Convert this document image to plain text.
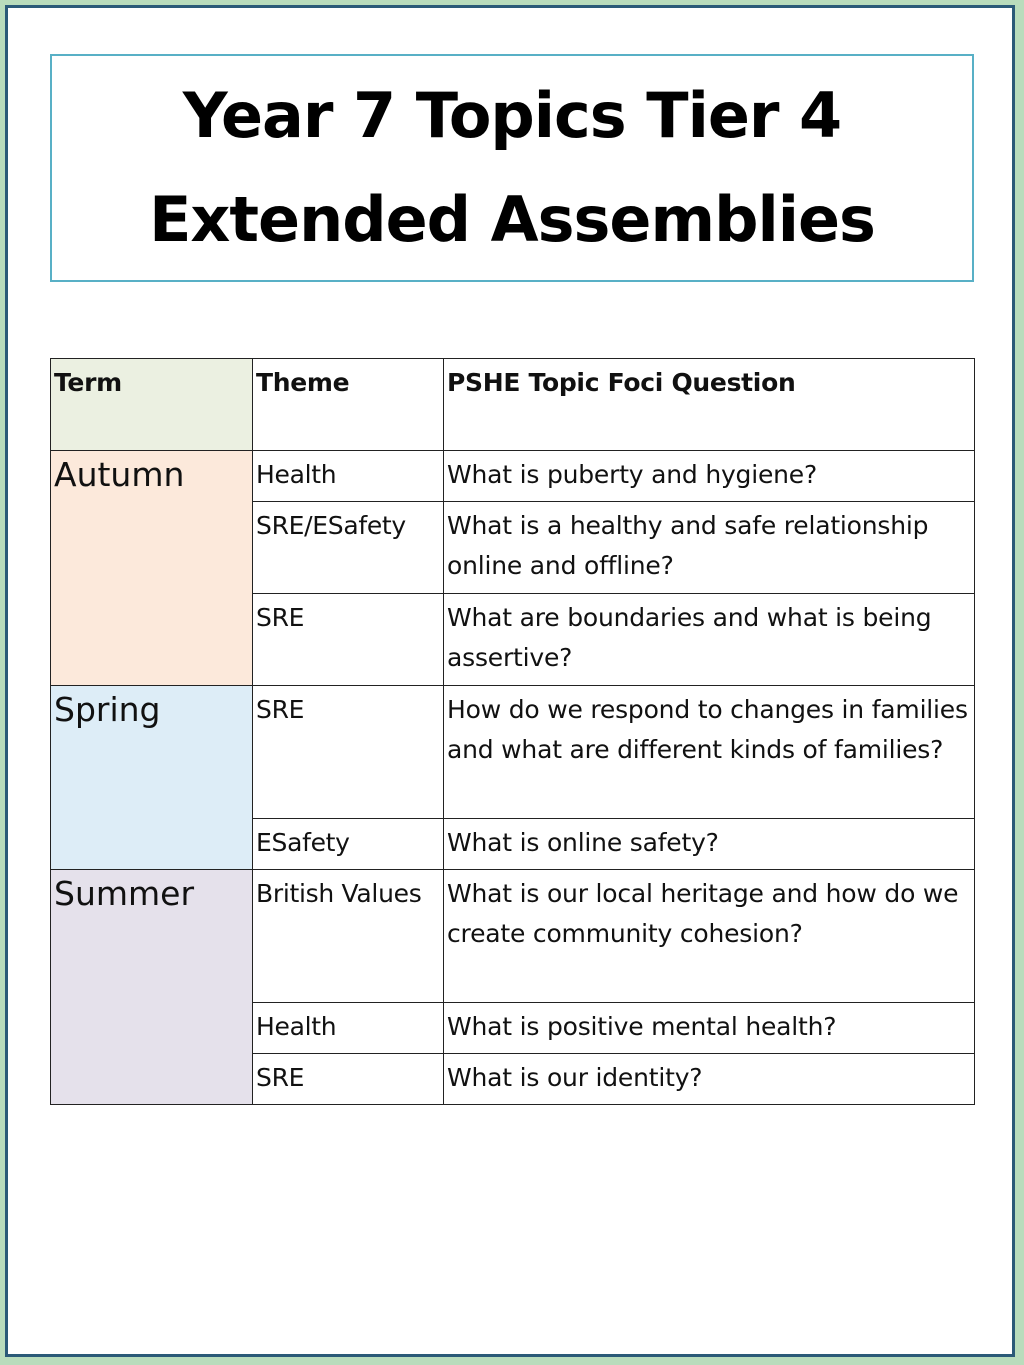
Year 7 Topics Tier 4
Extended Assemblies
Term	Theme	PSHE Topic Foci Question
Autumn	Health	What is puberty and hygiene?
	SRE/ESafety	What is a healthy and safe relationship online and offline?
	SRE	What are boundaries and what is being assertive?
Spring	SRE	How do we respond to changes in families and what are different kinds of families?
	ESafety	What is online safety?
Summer	British Values	What is our local heritage and how do we create community cohesion?
	Health	What is positive mental health?
	SRE	What is our identity?
